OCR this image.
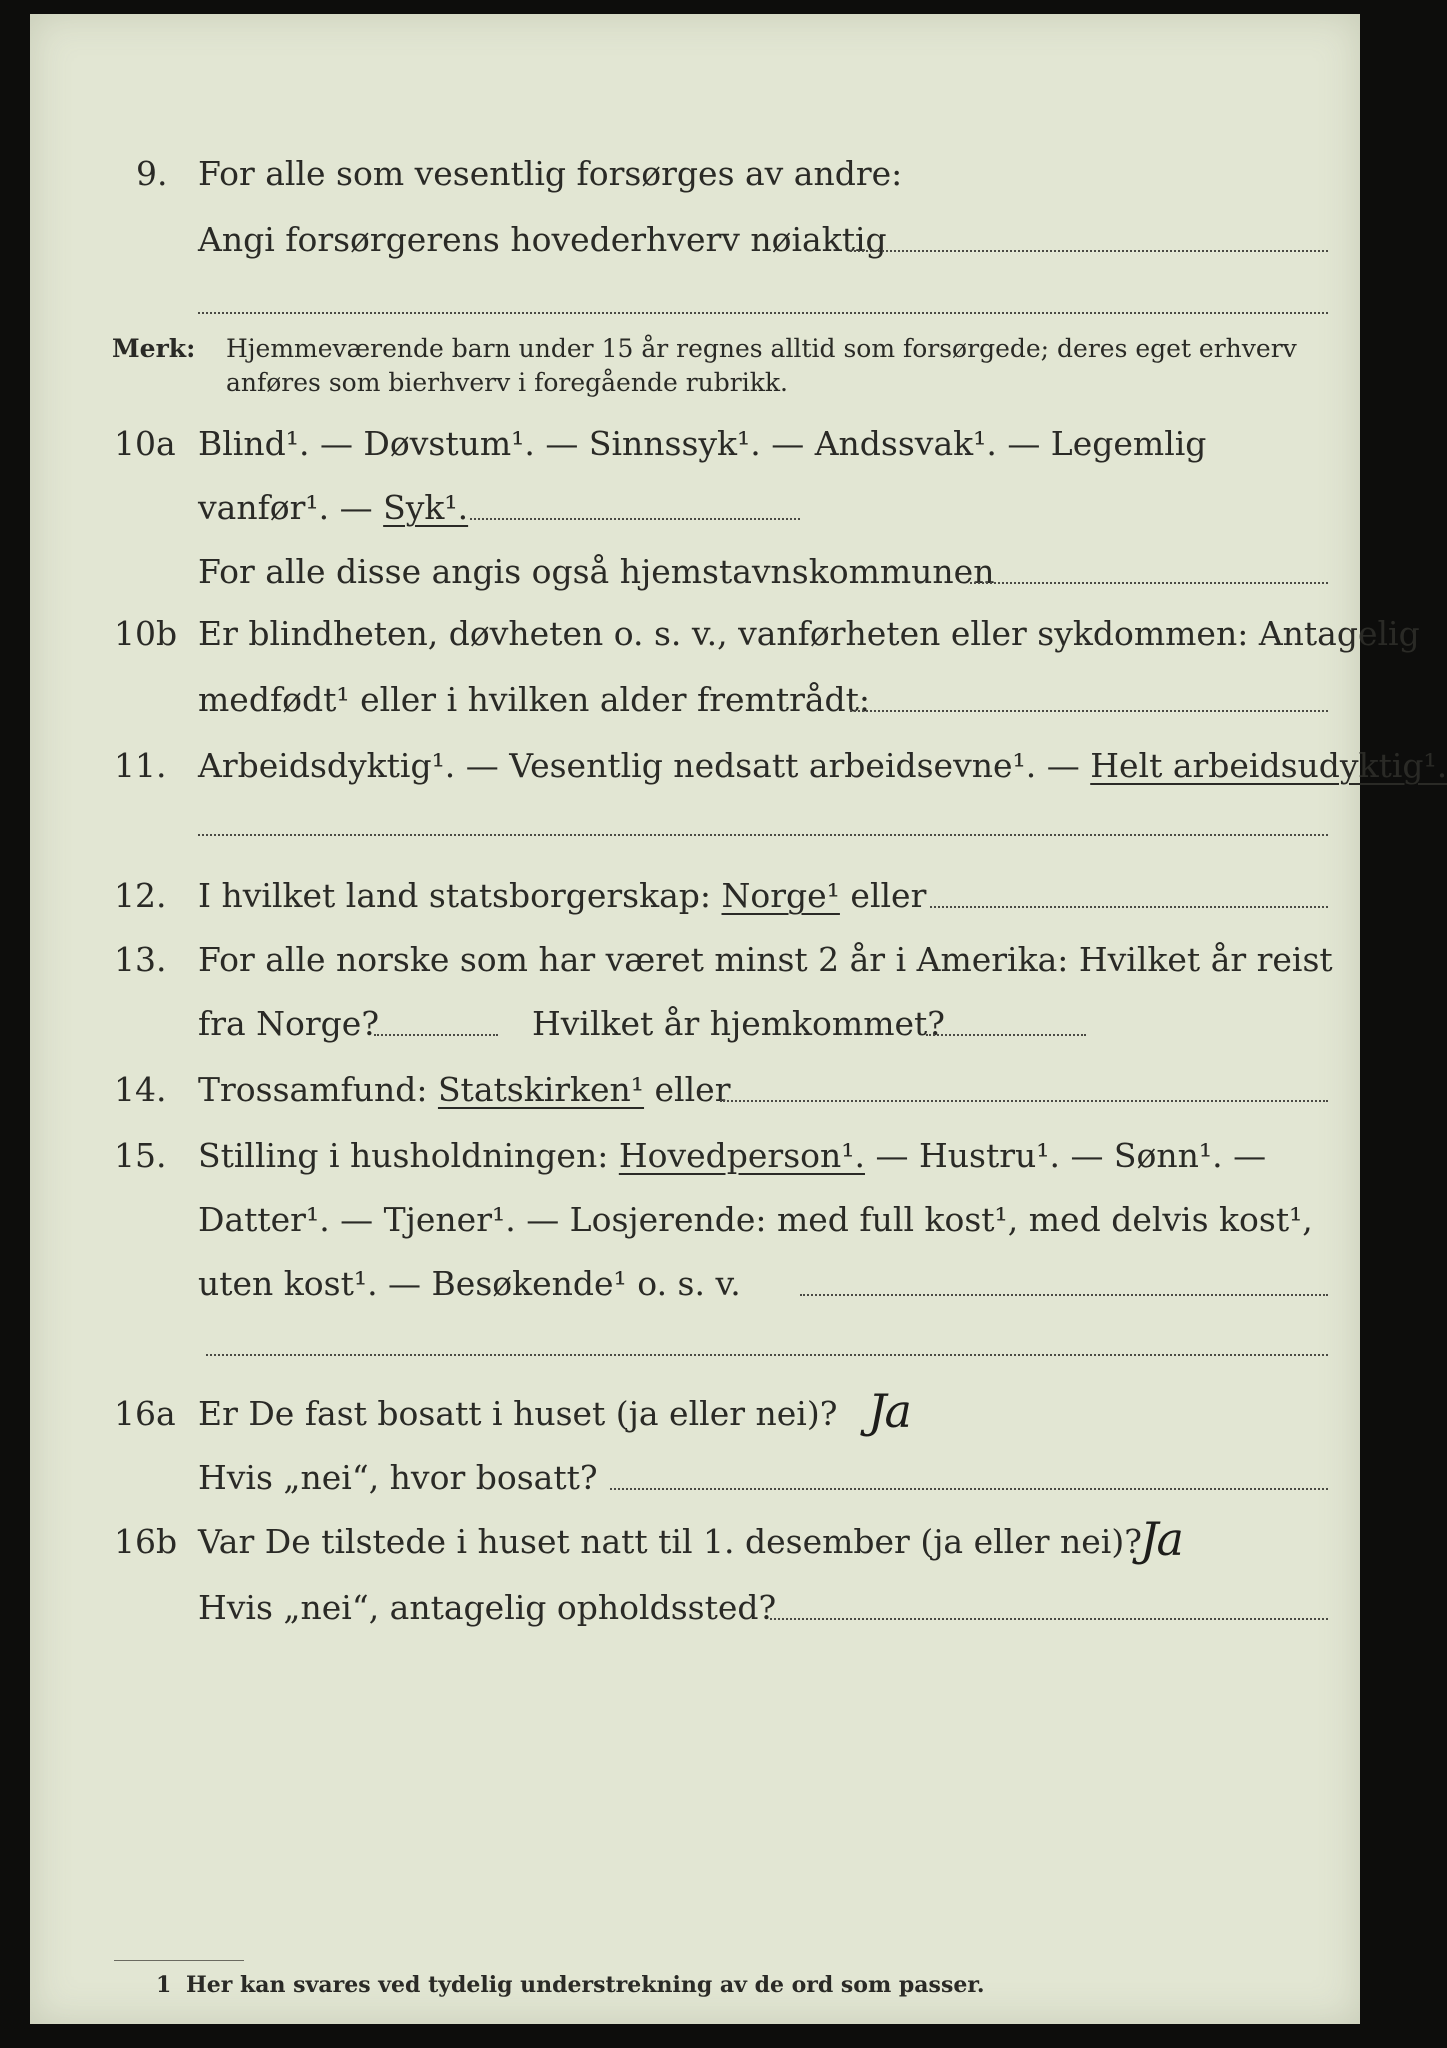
9. For alle som vesentlig forsørges av andre:
Angi forsørgerens hovederhverv nøiaktig
Merk: Hjemmeværende barn under 15 år regnes alltid som forsørgede; deres eget erhverv
anføres som bierhverv i foregående rubrikk.
10a Blind¹. — Døvstum¹. — Sinnssyk¹. — Andssvak¹. — Legemlig
vanfør¹. — Syk¹.
For alle disse angis også hjemstavnskommunen
10b Er blindheten, døvheten o. s. v., vanførheten eller sykdommen: Antagelig
medfødt¹ eller i hvilken alder fremtrådt:
11. Arbeidsdyktig¹. — Vesentlig nedsatt arbeidsevne¹. — Helt arbeidsudyktig¹.
12. I hvilket land statsborgerskap: Norge¹ eller
13. For alle norske som har været minst 2 år i Amerika: Hvilket år reist
fra Norge?	Hvilket år hjemkommet?
14. Trossamfund: Statskirken¹ eller
15. Stilling i husholdningen: Hovedperson¹. — Hustru¹. — Sønn¹. —
Datter¹. — Tjener¹. — Losjerende: med full kost¹, med delvis kost¹,
uten kost¹. — Besøkende¹ o. s. v.
16a Er De fast bosatt i huset (ja eller nei)? Ja
Hvis „nei“, hvor bosatt?
16b Var De tilstede i huset natt til 1. desember (ja eller nei)?
Ja
Hvis „nei“, antagelig opholdssted?
1 Her kan svares ved tydelig understrekning av de ord som passer.
